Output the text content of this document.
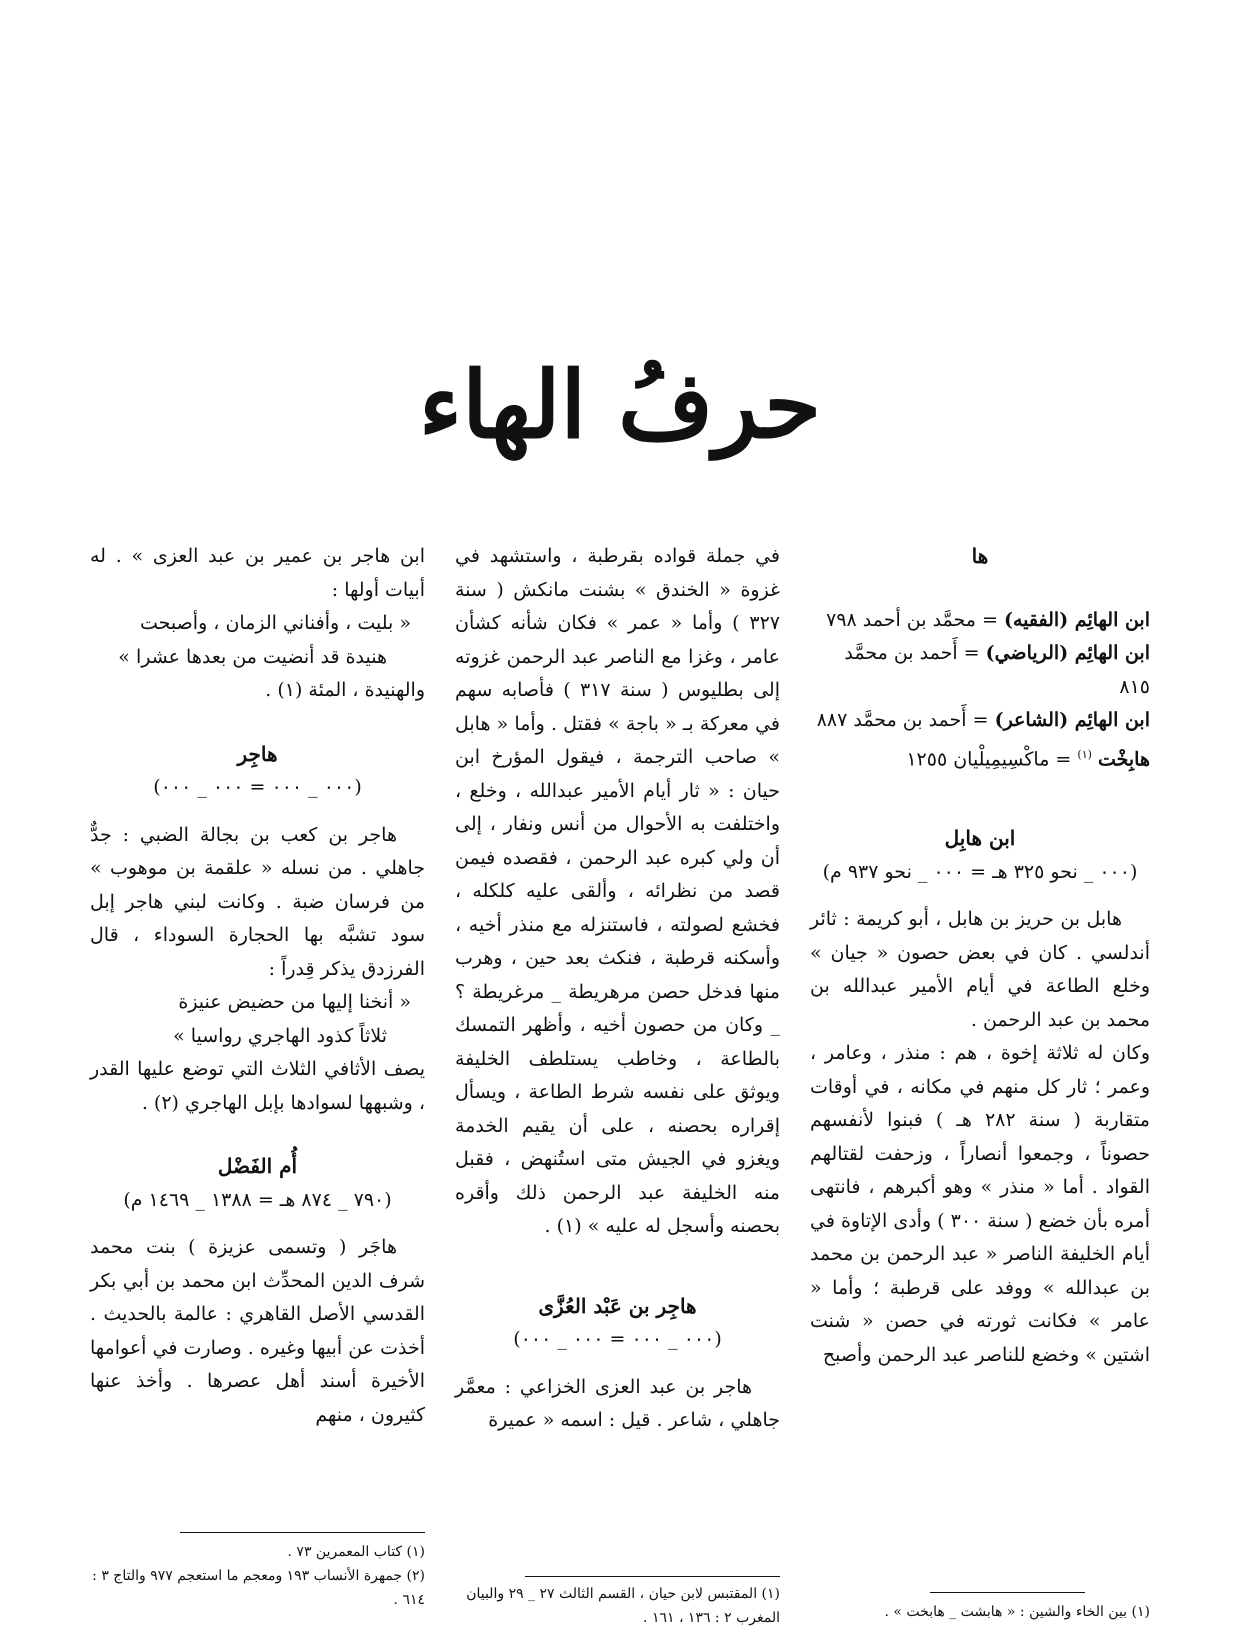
حرفُ الهاء

ها

ابن الهائِم (الفقيه) = محمَّد بن أحمد ٧٩٨

ابن الهائِم (الرياضي) = أَحمد بن محمَّد ٨١٥

ابن الهائِم (الشاعر) = أَحمد بن محمَّد ٨٨٧

هابِخْت $^{(١)}$ = ماكْسِيمِيلْيان ١٢٥٥

ابن هابِل

(٠٠٠ _ نحو ٣٢٥ هـ = ٠٠٠ _ نحو ٩٣٧ م)

هابل بن حريز بن هابل ، أبو كريمة : ثائر أندلسي . كان في بعض حصون « جيان » وخلع الطاعة في أيام الأمير عبدالله بن محمد بن عبد الرحمن .

وكان له ثلاثة إخوة ، هم : منذر ، وعامر ، وعمر ؛ ثار كل منهم في مكانه ، في أوقات متقاربة ( سنة ٢٨٢ هـ ) فبنوا لأنفسهم حصوناً ، وجمعوا أنصاراً ، وزحفت لقتالهم القواد . أما « منذر » وهو أكبرهم ، فانتهى أمره بأن خضع ( سنة ٣٠٠ ) وأدى الإتاوة في أيام الخليفة الناصر « عبد الرحمن بن محمد بن عبدالله » ووفد على قرطبة ؛ وأما « عامر » فكانت ثورته في حصن « شنت اشتين » وخضع للناصر عبد الرحمن وأصبح

في جملة قواده بقرطبة ، واستشهد في غزوة « الخندق » بشنت مانكش ( سنة ٣٢٧ ) وأما « عمر » فكان شأنه كشأن عامر ، وغزا مع الناصر عبد الرحمن غزوته إلى بطليوس ( سنة ٣١٧ ) فأصابه سهم في معركة بـ « باجة » فقتل . وأما « هابل » صاحب الترجمة ، فيقول المؤرخ ابن حيان : « ثار أيام الأمير عبدالله ، وخلع ، واختلفت به الأحوال من أنس ونفار ، إلى أن ولي كبره عبد الرحمن ، فقصده فيمن قصد من نظرائه ، وألقى عليه كلكله ، فخشع لصولته ، فاستنزله مع منذر أخيه ، وأسكنه قرطبة ، فنكث بعد حين ، وهرب منها فدخل حصن مرهريطة _ مرغريطة ؟ _ وكان من حصون أخيه ، وأظهر التمسك بالطاعة ، وخاطب يستلطف الخليفة ويوثق على نفسه شرط الطاعة ، ويسأل إقراره بحصنه ، على أن يقيم الخدمة ويغزو في الجيش متى استُنهض ، فقبل منه الخليفة عبد الرحمن ذلك وأقره بحصنه وأسجل له عليه » (١) .

هاجِر بن عَبْد العُزَّى

(٠٠٠ _ ٠٠٠ = ٠٠٠ _ ٠٠٠)

هاجر بن عبد العزى الخزاعي : معمَّر جاهلي ، شاعر . قيل : اسمه « عميرة

ابن هاجر بن عمير بن عبد العزى » . له أبيات أولها :

« بليت ، وأفناني الزمان ، وأصبحت

هنيدة قد أنضيت من بعدها عشرا »

والهنيدة ، المئة (١) .

هاجِر

(٠٠٠ _ ٠٠٠ = ٠٠٠ _ ٠٠٠)

هاجر بن كعب بن بجالة الضبي : جدٌّ جاهلي . من نسله « علقمة بن موهوب » من فرسان ضبة . وكانت لبني هاجر إبل سود تشبَّه بها الحجارة السوداء ، قال الفرزدق يذكر قِدراً :

« أنخنا إليها من حضيض عنيزة

ثلاثاً كذود الهاجري رواسيا »

يصف الأثافي الثلاث التي توضع عليها القدر ، وشبهها لسوادها بإبل الهاجري (٢) .

أُم الفَضْل

(٧٩٠ _ ٨٧٤ هـ = ١٣٨٨ _ ١٤٦٩ م)

هاجَر ( وتسمى عزيزة ) بنت محمد شرف الدين المحدِّث ابن محمد بن أبي بكر القدسي الأصل القاهري : عالمة بالحديث . أخذت عن أبيها وغيره . وصارت في أعوامها الأخيرة أسند أهل عصرها . وأخذ عنها كثيرون ، منهم

(١) بين الخاء والشين : « هابشت _ هابخت » .

(١) المقتبس لابن حيان ، القسم الثالث ٢٧ _ ٢٩ والبيان المغرب ٢ : ١٣٦ ، ١٦١ .

(١) كتاب المعمرين ٧٣ .

(٢) جمهرة الأنساب ١٩٣ ومعجم ما استعجم ٩٧٧ والتاج ٣ : ٦١٤ .
